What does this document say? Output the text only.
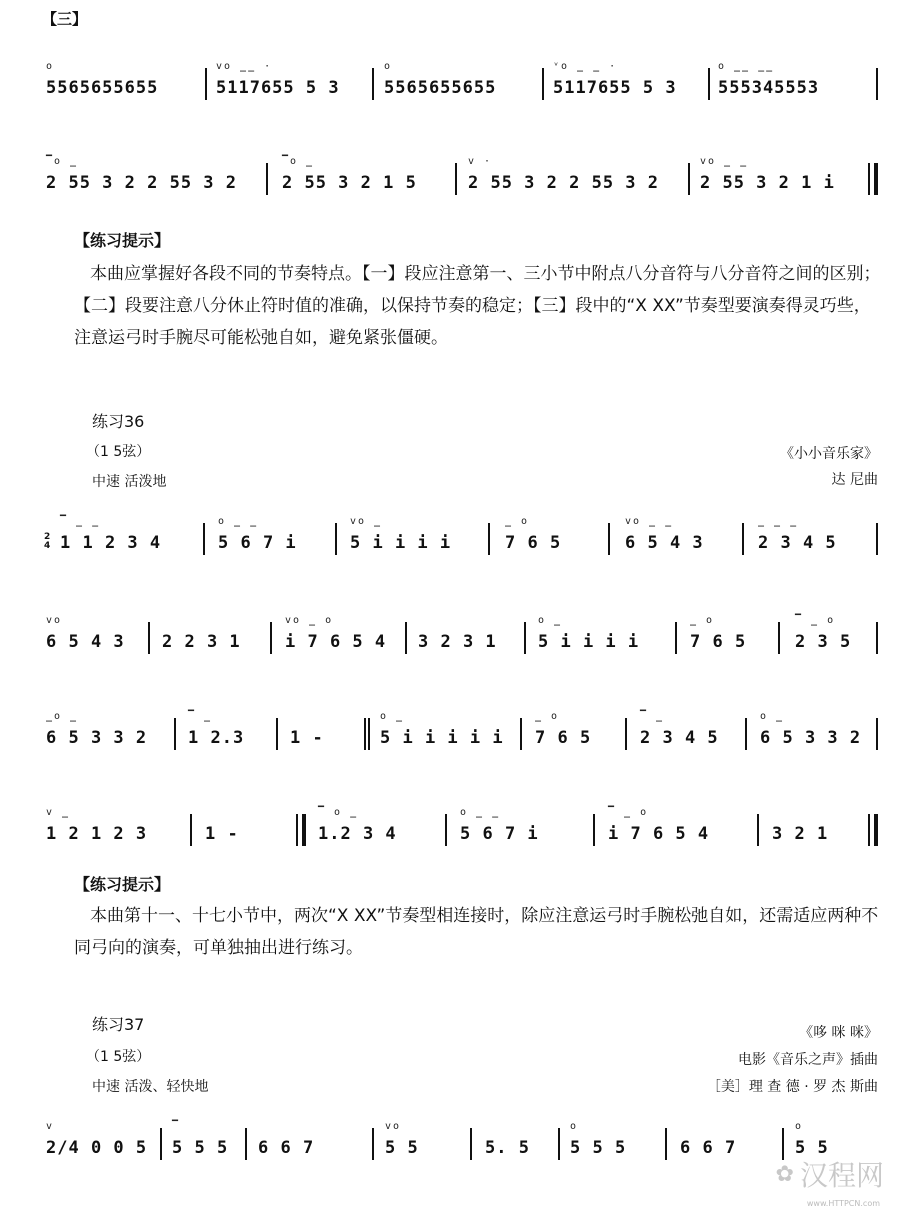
【三】
o
5565655655
vo ‗‗ ·
5117655 5 3
o
5565655655
ᵛo ‗ ‗ ·
5117655 5 3
o ‗‗ ‗‗
555345553
▔o ‗
2 55 3 2 2 55 3 2
▔o ‗
2 55 3 2 1 5
v ·
2 55 3 2 2 55 3 2
vo ‗ ‗
2 55 3 2 1 i
【练习提示】
本曲应掌握好各段不同的节奏特点。【一】段应注意第一、三小节中附点八分音符与八分音符之间的区别；【二】段要注意八分休止符时值的准确，以保持节奏的稳定；【三】段中的“X XX”节奏型要演奏得灵巧些，注意运弓时手腕尽可能松弛自如，避免紧张僵硬。
练习36
（1 5弦）
中速 活泼地
《小小音乐家》
达 尼曲
▔ ‗ ‗
1 1 2 3 4
o ‗ ‗
5 6 7 i
vo ‗
5 i i i i
‗ o
7 6 5
vo ‗ ‗
6 5 4 3
‗ ‗ ‗
2 3 4 5
2
4
vo
6 5 4 3 2 2 3 1
vo ‗ o
i 7 6 5 4 3 2 3 1
o ‗
5 i i i i
‗ o
7 6 5
▔ ‗ o
2 3 5
‗o ‗
6 5 3 3 2
▔ ‗
1 2.3	1 -
o ‗
5 i i i i i
‗ o
7 6 5
▔ ‗
2 3 4 5
o ‗
6 5 3 3 2
v ‗
1 2 1 2 3	1 -
▔ o ‗
1.2 3 4
o ‗ ‗
5 6 7 i
▔ ‗ o
i 7 6 5 4	3 2 1
【练习提示】
本曲第十一、十七小节中，两次“X XX”节奏型相连接时，除应注意运弓时手腕松弛自如，还需适应两种不同弓向的演奏，可单独抽出进行练习。
练习37
（1 5弦）
中速 活泼、轻快地
《哆 咪 咪》
电影《音乐之声》插曲
［美］理 查 德 · 罗 杰 斯曲
v
2/4 0 0 5
▔
5 5 5 6 6 7
vo
5 5	5. 5
o
5 5 5	6 6 7
o
5 5
✿ 汉程网
www.HTTPCN.com
